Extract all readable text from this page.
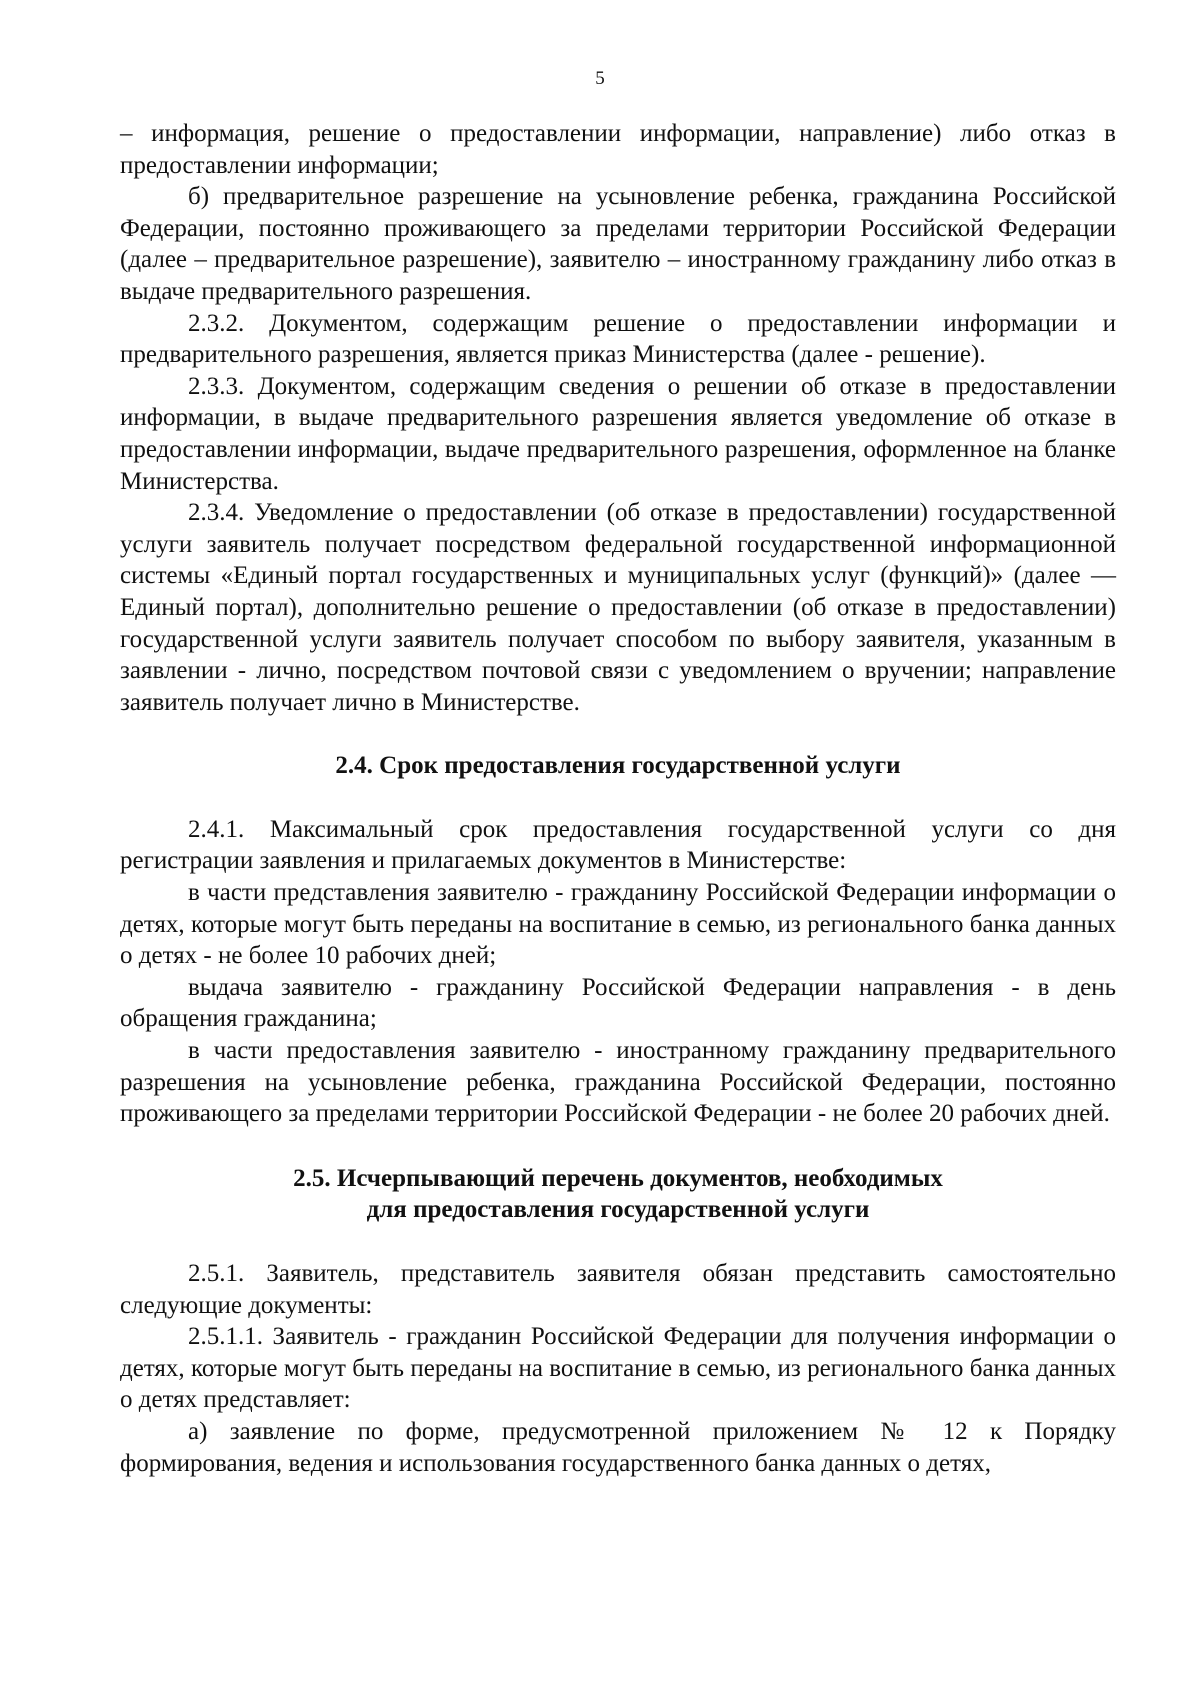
5

– информация, решение о предоставлении информации, направление) либо отказ в предоставлении информации;

б) предварительное разрешение на усыновление ребенка, гражданина Российской Федерации, постоянно проживающего за пределами территории Российской Федерации (далее – предварительное разрешение), заявителю – иностранному гражданину либо отказ в выдаче предварительного разрешения.

2.3.2. Документом, содержащим решение о предоставлении информации и предварительного разрешения, является приказ Министерства (далее - решение).

2.3.3. Документом, содержащим сведения о решении об отказе в предоставлении информации, в выдаче предварительного разрешения является уведомление об отказе в предоставлении информации, выдаче предварительного разрешения, оформленное на бланке Министерства.

2.3.4. Уведомление о предоставлении (об отказе в предоставлении) государственной услуги заявитель получает посредством федеральной государственной информационной системы «Единый портал государственных и муниципальных услуг (функций)» (далее — Единый портал), дополнительно решение о предоставлении (об отказе в предоставлении) государственной услуги заявитель получает способом по выбору заявителя, указанным в заявлении - лично, посредством почтовой связи с уведомлением о вручении; направление заявитель получает лично в Министерстве.

2.4. Срок предоставления государственной услуги

2.4.1. Максимальный срок предоставления государственной услуги со дня регистрации заявления и прилагаемых документов в Министерстве:

в части представления заявителю - гражданину Российской Федерации информации о детях, которые могут быть переданы на воспитание в семью, из регионального банка данных о детях - не более 10 рабочих дней;

выдача заявителю - гражданину Российской Федерации направления - в день обращения гражданина;

в части предоставления заявителю - иностранному гражданину предварительного разрешения на усыновление ребенка, гражданина Российской Федерации, постоянно проживающего за пределами территории Российской Федерации - не более 20 рабочих дней.

2.5. Исчерпывающий перечень документов, необходимых
для предоставления государственной услуги

2.5.1. Заявитель, представитель заявителя обязан представить самостоятельно следующие документы:

2.5.1.1. Заявитель - гражданин Российской Федерации для получения информации о детях, которые могут быть переданы на воспитание в семью, из регионального банка данных о детях представляет:

а) заявление по форме, предусмотренной приложением № 12 к Порядку формирования, ведения и использования государственного банка данных о детях,
